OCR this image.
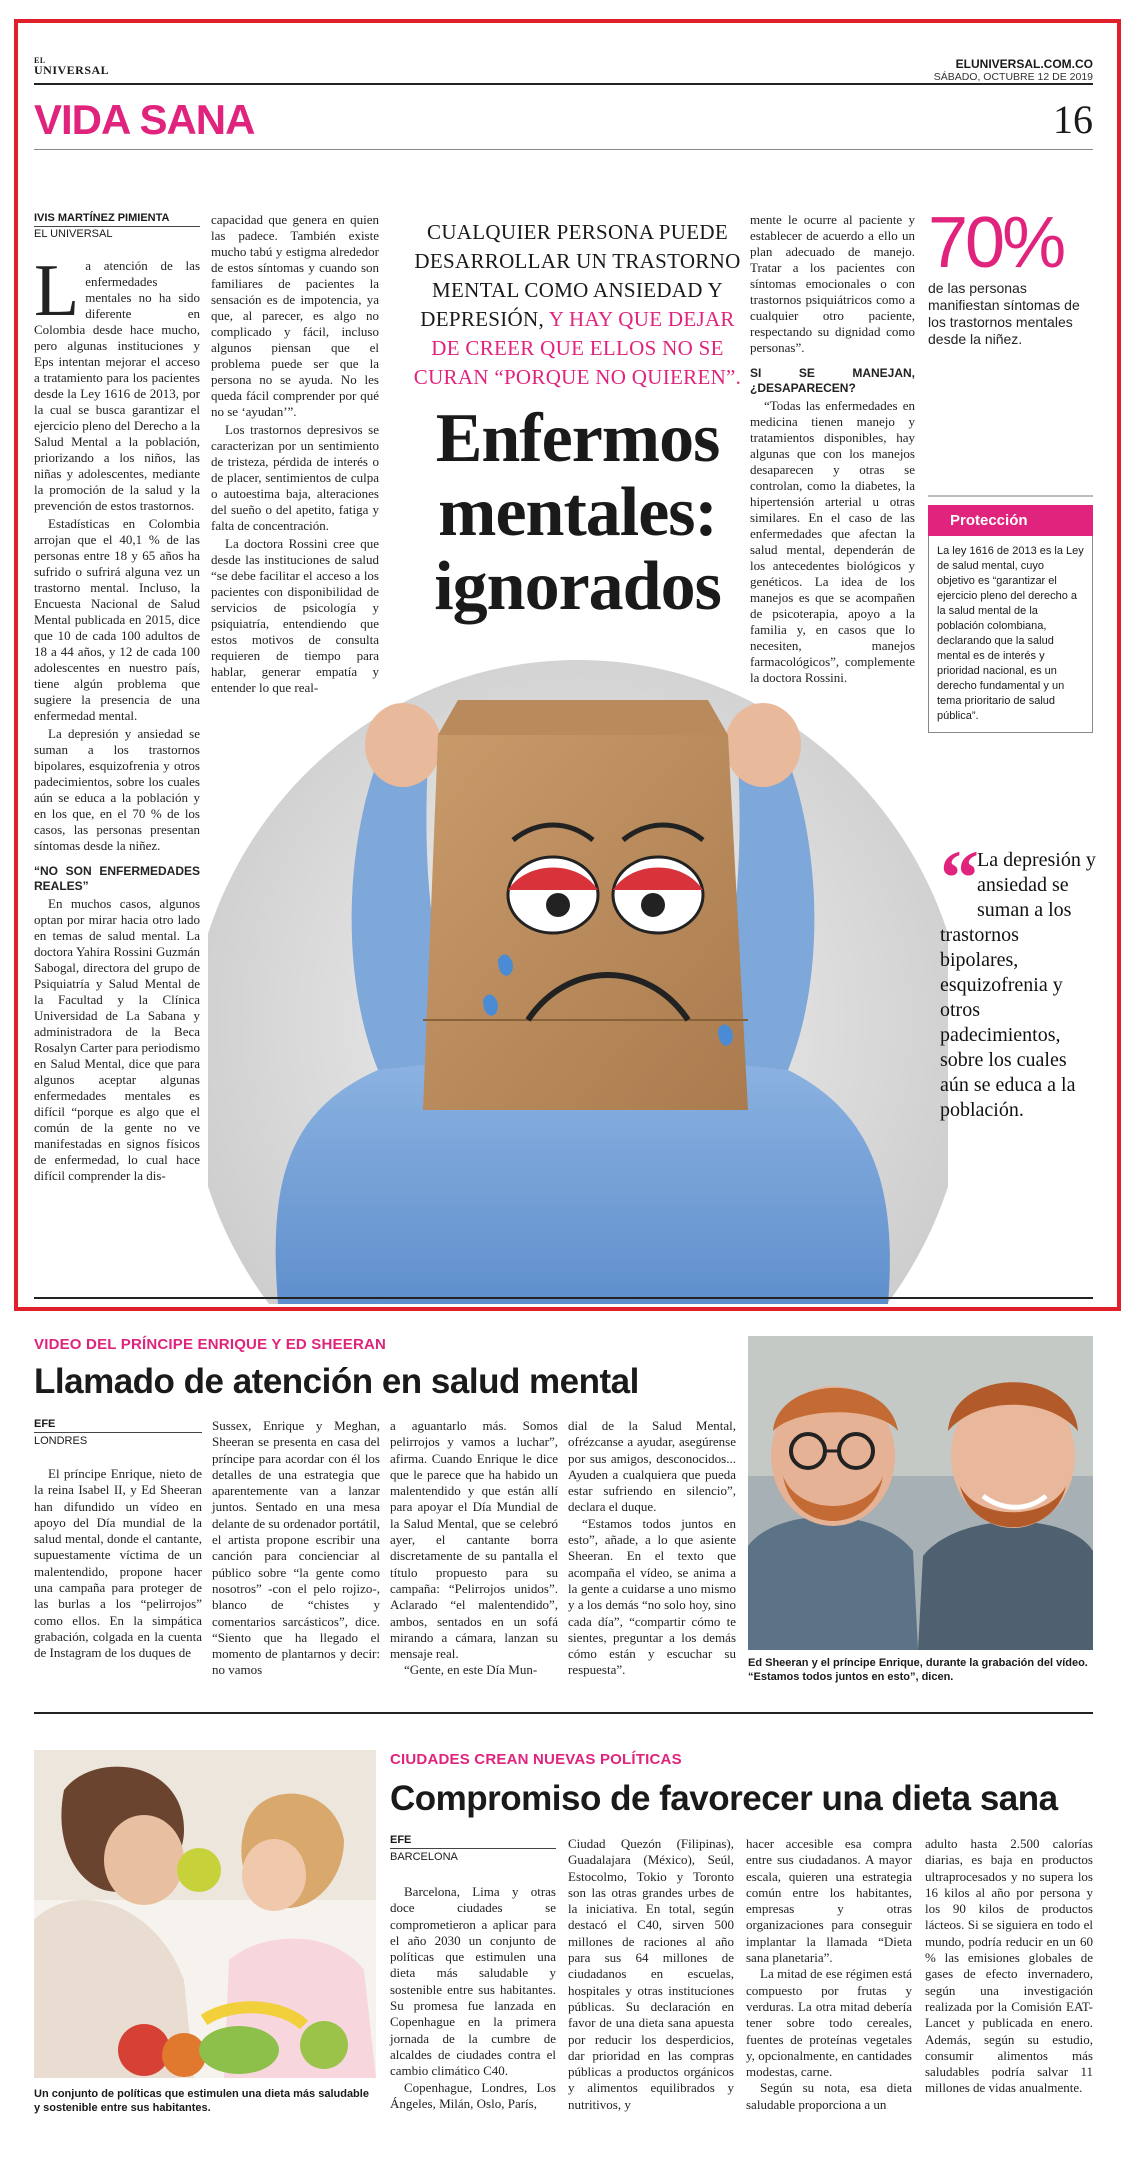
EL
UNIVERSAL	ELUNIVERSAL.COM.CO
SÁBADO, OCTUBRE 12 DE 2019
VIDA SANA	16
IVIS MARTÍNEZ PIMIENTA
EL UNIVERSAL

La atención de las enfermedades mentales no ha sido diferente en Colombia desde hace mucho, pero algunas instituciones y Eps intentan mejorar el acceso a tratamiento para los pacientes desde la Ley 1616 de 2013, por la cual se busca garantizar el ejercicio pleno del Derecho a la Salud Mental a la población, priorizando a los niños, las niñas y adolescentes, mediante la promoción de la salud y la prevención de estos trastornos.

Estadísticas en Colombia arrojan que el 40,1 % de las personas entre 18 y 65 años ha sufrido o sufrirá alguna vez un trastorno mental. Incluso, la Encuesta Nacional de Salud Mental publicada en 2015, dice que 10 de cada 100 adultos de 18 a 44 años, y 12 de cada 100 adolescentes en nuestro país, tiene algún problema que sugiere la presencia de una enfermedad mental.

La depresión y ansiedad se suman a los trastornos bipolares, esquizofrenia y otros padecimientos, sobre los cuales aún se educa a la población y en los que, en el 70 % de los casos, las personas presentan síntomas desde la niñez.

“NO SON ENFERMEDADES REALES”

En muchos casos, algunos optan por mirar hacia otro lado en temas de salud mental. La doctora Yahira Rossini Guzmán Sabogal, directora del grupo de Psiquiatría y Salud Mental de la Facultad y la Clínica Universidad de La Sabana y administradora de la Beca Rosalyn Carter para periodismo en Salud Mental, dice que para algunos aceptar algunas enfermedades mentales es difícil “porque es algo que el común de la gente no ve manifestadas en signos físicos de enfermedad, lo cual hace difícil comprender la dis-

capacidad que genera en quien las padece. También existe mucho tabú y estigma alrededor de estos síntomas y cuando son familiares de pacientes la sensación es de impotencia, ya que, al parecer, es algo no complicado y fácil, incluso algunos piensan que el problema puede ser que la persona no se ayuda. No les queda fácil comprender por qué no se ‘ayudan’”.

Los trastornos depresivos se caracterizan por un sentimiento de tristeza, pérdida de interés o de placer, sentimientos de culpa o autoestima baja, alteraciones del sueño o del apetito, fatiga y falta de concentración.

La doctora Rossini cree que desde las instituciones de salud “se debe facilitar el acceso a los pacientes con disponibilidad de servicios de psicología y psiquiatría, entendiendo que estos motivos de consulta requieren de tiempo para hablar, generar empatía y entender lo que real-

CUALQUIER PERSONA PUEDE DESARROLLAR UN TRASTORNO MENTAL COMO ANSIEDAD Y DEPRESIÓN, Y HAY QUE DEJAR DE CREER QUE ELLOS NO SE CURAN “PORQUE NO QUIEREN”.
Enfermos mentales: ignorados

mente le ocurre al paciente y establecer de acuerdo a ello un plan adecuado de manejo. Tratar a los pacientes con síntomas emocionales o con trastornos psiquiátricos como a cualquier otro paciente, respectando su dignidad como personas”.

SI SE MANEJAN, ¿DESAPARECEN?

“Todas las enfermedades en medicina tienen manejo y tratamientos disponibles, hay algunas que con los manejos desaparecen y otras se controlan, como la diabetes, la hipertensión arterial u otras similares. En el caso de las enfermedades que afectan la salud mental, dependerán de los antecedentes biológicos y genéticos. La idea de los manejos es que se acompañen de psicoterapia, apoyo a la familia y, en casos que lo necesiten, manejos farmacológicos”, complemente la doctora Rossini.

70%
de las personas manifiestan síntomas de los trastornos mentales desde la niñez.
Protección
La ley 1616 de 2013 es la Ley de salud mental, cuyo objetivo es “garantizar el ejercicio pleno del derecho a la salud mental de la población colombiana, declarando que la salud mental es de interés y prioridad nacional, es un derecho fundamental y un tema prioritario de salud pública”.
“ La depresión y ansiedad se suman a los trastornos bipolares, esquizofrenia y otros padecimientos, sobre los cuales aún se educa a la población.
VIDEO DEL PRÍNCIPE ENRIQUE Y ED SHEERAN
Llamado de atención en salud mental
EFE
LONDRES

El príncipe Enrique, nieto de la reina Isabel II, y Ed Sheeran han difundido un vídeo en apoyo del Día mundial de la salud mental, donde el cantante, supuestamente víctima de un malentendido, propone hacer una campaña para proteger de las burlas a los “pelirrojos” como ellos. En la simpática grabación, colgada en la cuenta de Instagram de los duques de

Sussex, Enrique y Meghan, Sheeran se presenta en casa del príncipe para acordar con él los detalles de una estrategia que aparentemente van a lanzar juntos. Sentado en una mesa delante de su ordenador portátil, el artista propone escribir una canción para concienciar al público sobre “la gente como nosotros” -con el pelo rojizo-, blanco de “chistes y comentarios sarcásticos”, dice. “Siento que ha llegado el momento de plantarnos y decir: no vamos

a aguantarlo más. Somos pelirrojos y vamos a luchar”, afirma. Cuando Enrique le dice que le parece que ha habido un malentendido y que están allí para apoyar el Día Mundial de la Salud Mental, que se celebró ayer, el cantante borra discretamente de su pantalla el título propuesto para su campaña: “Pelirrojos unidos”. Aclarado “el malentendido”, ambos, sentados en un sofá mirando a cámara, lanzan su mensaje real.

“Gente, en este Día Mun-

dial de la Salud Mental, ofrézcanse a ayudar, asegúrense por sus amigos, desconocidos... Ayuden a cualquiera que pueda estar sufriendo en silencio”, declara el duque.

“Estamos todos juntos en esto”, añade, a lo que asiente Sheeran. En el texto que acompaña el vídeo, se anima a la gente a cuidarse a uno mismo y a los demás “no solo hoy, sino cada día”, “compartir cómo te sientes, preguntar a los demás cómo están y escuchar su respuesta”.	Ed Sheeran y el príncipe Enrique, durante la grabación del vídeo. “Estamos todos juntos en esto”, dicen.
Un conjunto de políticas que estimulen una dieta más saludable y sostenible entre sus habitantes.
CIUDADES CREAN NUEVAS POLÍTICAS
Compromiso de favorecer una dieta sana
EFE
BARCELONA

Barcelona, Lima y otras doce ciudades se comprometieron a aplicar para el año 2030 un conjunto de políticas que estimulen una dieta más saludable y sostenible entre sus habitantes. Su promesa fue lanzada en Copenhague en la primera jornada de la cumbre de alcaldes de ciudades contra el cambio climático C40.

Copenhague, Londres, Los Ángeles, Milán, Oslo, París,

Ciudad Quezón (Filipinas), Guadalajara (México), Seúl, Estocolmo, Tokio y Toronto son las otras grandes urbes de la iniciativa. En total, según destacó el C40, sirven 500 millones de raciones al año para sus 64 millones de ciudadanos en escuelas, hospitales y otras instituciones públicas. Su declaración en favor de una dieta sana apuesta por reducir los desperdicios, dar prioridad en las compras públicas a productos orgánicos y alimentos equilibrados y nutritivos, y

hacer accesible esa compra entre sus ciudadanos. A mayor escala, quieren una estrategia común entre los habitantes, empresas y otras organizaciones para conseguir implantar la llamada “Dieta sana planetaria”.

La mitad de ese régimen está compuesto por frutas y verduras. La otra mitad debería tener sobre todo cereales, fuentes de proteínas vegetales y, opcionalmente, en cantidades modestas, carne.

Según su nota, esa dieta saludable proporciona a un

adulto hasta 2.500 calorías diarias, es baja en productos ultraprocesados y no supera los 16 kilos al año por persona y los 90 kilos de productos lácteos. Si se siguiera en todo el mundo, podría reducir en un 60 % las emisiones globales de gases de efecto invernadero, según una investigación realizada por la Comisión EAT-Lancet y publicada en enero. Además, según su estudio, consumir alimentos más saludables podría salvar 11 millones de vidas anualmente.
